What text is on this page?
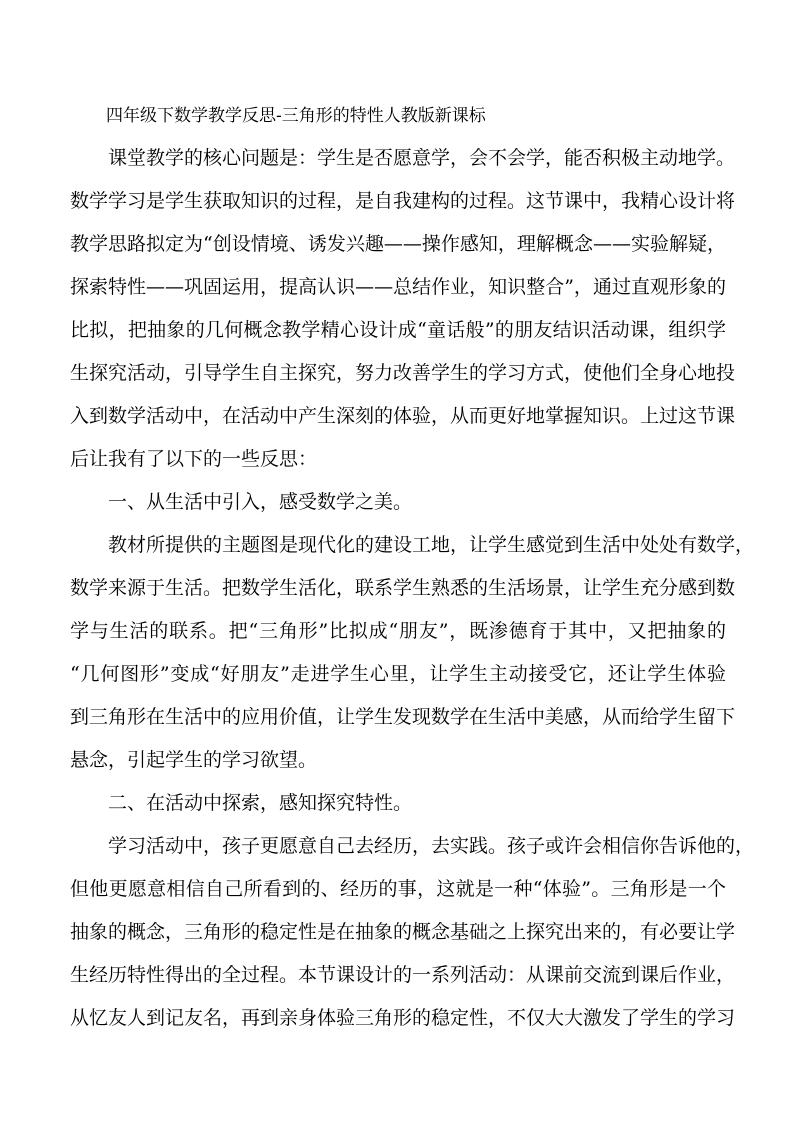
四年级下数学教学反思-三角形的特性人教版新课标
课堂教学的核心问题是：学生是否愿意学，会不会学，能否积极主动地学。
数学学习是学生获取知识的过程，是自我建构的过程。这节课中，我精心设计将
教学思路拟定为“创设情境、诱发兴趣——操作感知，理解概念——实验解疑，
探索特性——巩固运用，提高认识——总结作业，知识整合”，通过直观形象的
比拟，把抽象的几何概念教学精心设计成“童话般”的朋友结识活动课，组织学
生探究活动，引导学生自主探究，努力改善学生的学习方式，使他们全身心地投
入到数学活动中，在活动中产生深刻的体验，从而更好地掌握知识。上过这节课
后让我有了以下的一些反思：
一、从生活中引入，感受数学之美。
教材所提供的主题图是现代化的建设工地，让学生感觉到生活中处处有数学，
数学来源于生活。把数学生活化，联系学生熟悉的生活场景，让学生充分感到数
学与生活的联系。把“三角形”比拟成“朋友”，既渗德育于其中，又把抽象的
“几何图形”变成“好朋友”走进学生心里，让学生主动接受它，还让学生体验
到三角形在生活中的应用价值，让学生发现数学在生活中美感，从而给学生留下
悬念，引起学生的学习欲望。
二、在活动中探索，感知探究特性。
学习活动中，孩子更愿意自己去经历，去实践。孩子或许会相信你告诉他的，
但他更愿意相信自己所看到的、经历的事，这就是一种“体验”。三角形是一个
抽象的概念，三角形的稳定性是在抽象的概念基础之上探究出来的，有必要让学
生经历特性得出的全过程。本节课设计的一系列活动：从课前交流到课后作业，
从忆友人到记友名，再到亲身体验三角形的稳定性，不仅大大激发了学生的学习
